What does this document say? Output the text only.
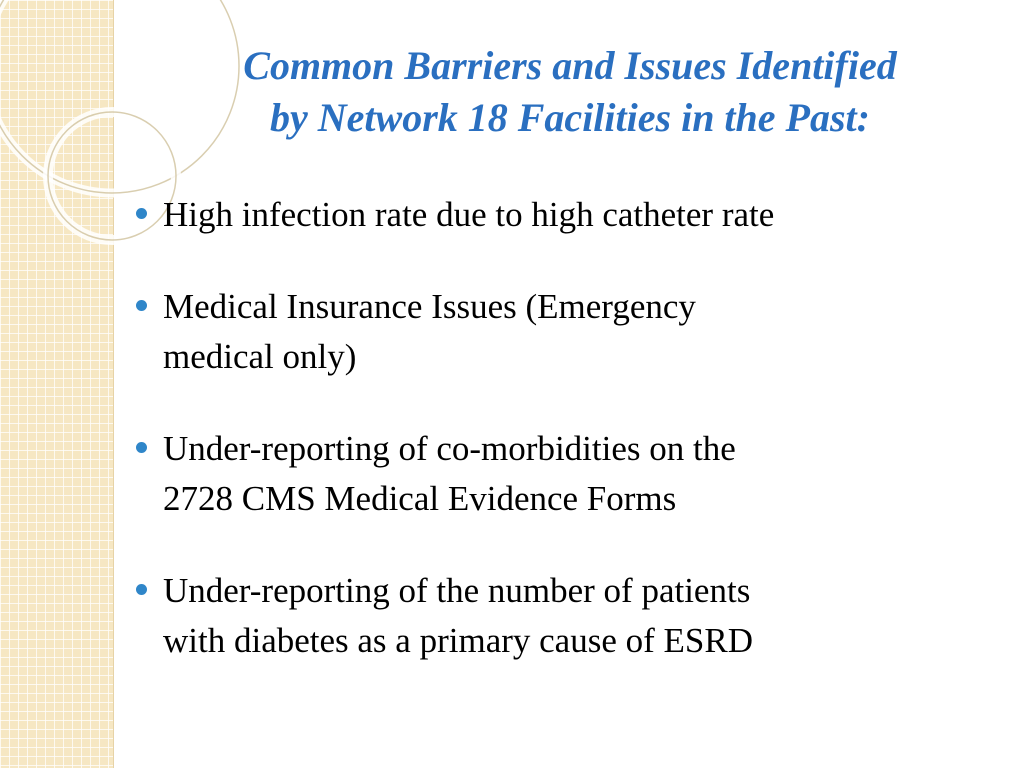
Common Barriers and Issues Identified
by Network 18 Facilities in the Past:
High infection rate due to high catheter rate
Medical Insurance Issues (Emergency
medical only)
Under-reporting of co-morbidities on the
2728 CMS Medical Evidence Forms
Under-reporting of the number of patients
with diabetes as a primary cause of ESRD
